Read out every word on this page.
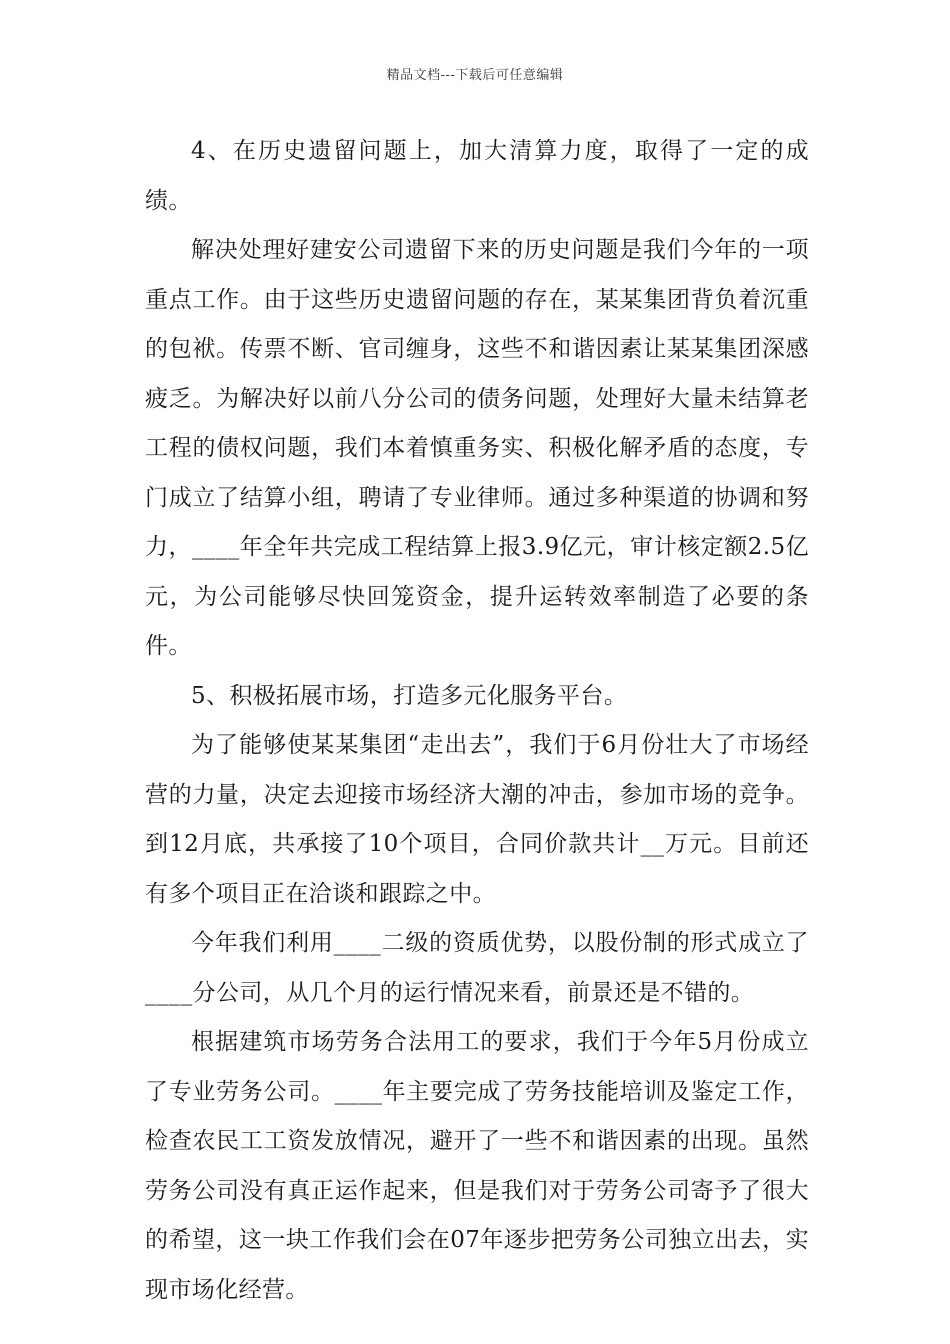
精品文档---下载后可任意编辑

4、在历史遗留问题上，加大清算力度，取得了一定的成绩。

解决处理好建安公司遗留下来的历史问题是我们今年的一项重点工作。由于这些历史遗留问题的存在，某某集团背负着沉重的包袱。传票不断、官司缠身，这些不和谐因素让某某集团深感疲乏。为解决好以前八分公司的债务问题，处理好大量未结算老工程的债权问题，我们本着慎重务实、积极化解矛盾的态度，专门成立了结算小组，聘请了专业律师。通过多种渠道的协调和努力，____年全年共完成工程结算上报3.9亿元，审计核定额2.5亿元，为公司能够尽快回笼资金，提升运转效率制造了必要的条件。

5、积极拓展市场，打造多元化服务平台。

为了能够使某某集团“走出去”，我们于6月份壮大了市场经营的力量，决定去迎接市场经济大潮的冲击，参加市场的竞争。到12月底，共承接了10个项目，合同价款共计__万元。目前还有多个项目正在洽谈和跟踪之中。

今年我们利用____二级的资质优势，以股份制的形式成立了____分公司，从几个月的运行情况来看，前景还是不错的。

根据建筑市场劳务合法用工的要求，我们于今年5月份成立了专业劳务公司。____年主要完成了劳务技能培训及鉴定工作，检查农民工工资发放情况，避开了一些不和谐因素的出现。虽然劳务公司没有真正运作起来，但是我们对于劳务公司寄予了很大的希望，这一块工作我们会在07年逐步把劳务公司独立出去，实现市场化经营。
